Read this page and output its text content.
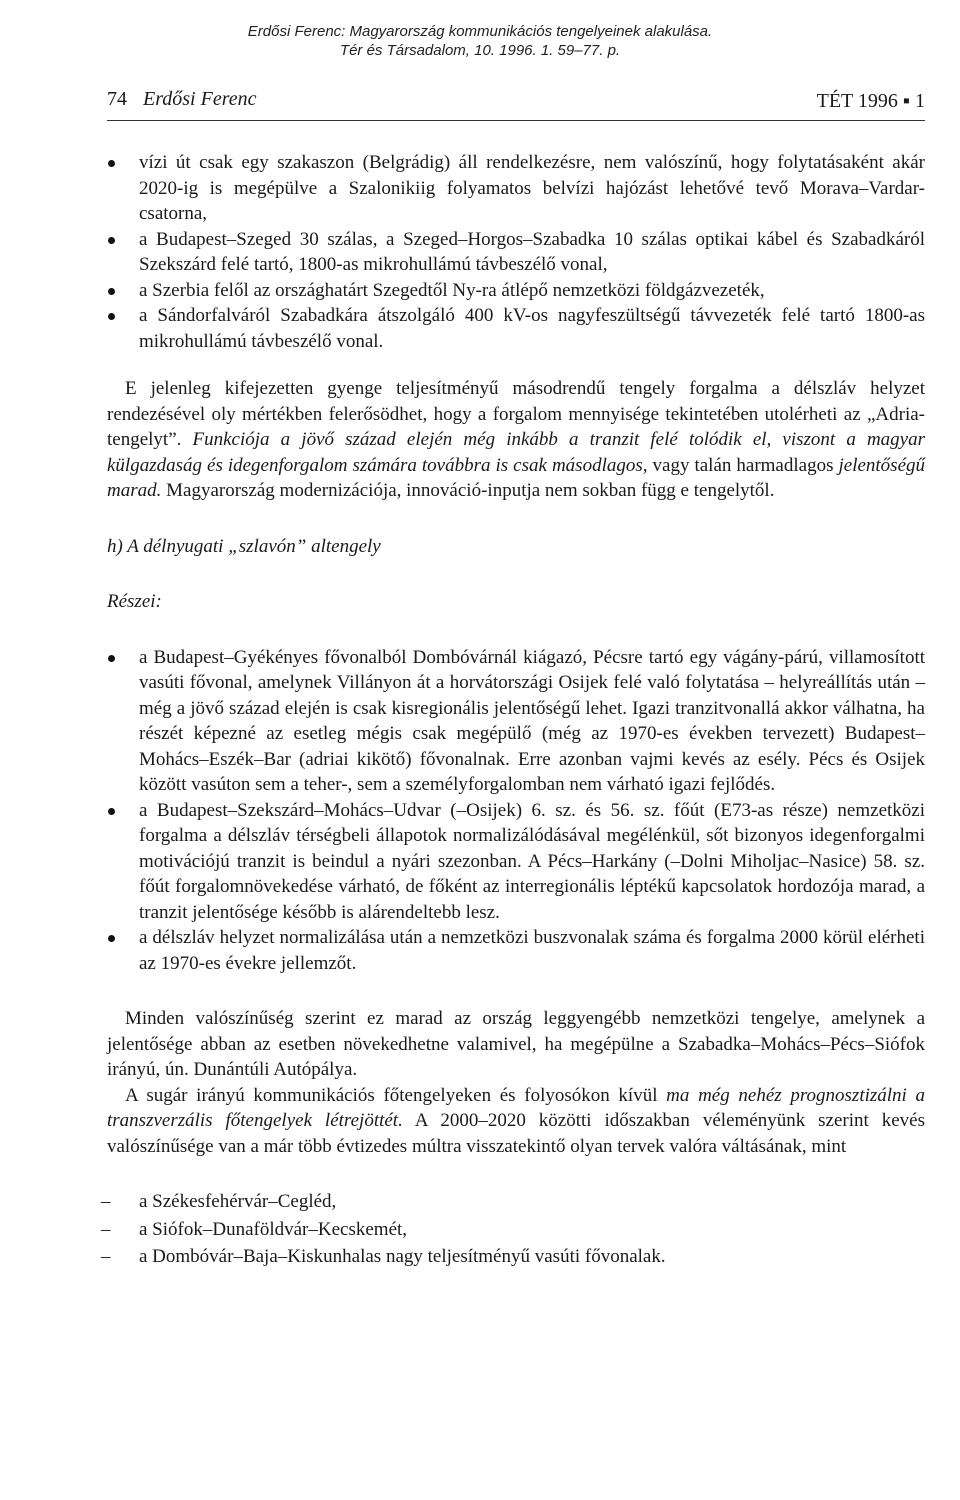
Erdősi Ferenc: Magyarország kommunikációs tengelyeinek alakulása.
Tér és Társadalom, 10. 1996. 1. 59–77. p.
74 Erdősi Ferenc	TÉT 1996 ▪ 1
vízi út csak egy szakaszon (Belgrádig) áll rendelkezésre, nem valószínű, hogy folytatásaként akár 2020-ig is megépülve a Szalonikiig folyamatos belvízi hajózást lehetővé tevő Morava–Vardar-csatorna,
a Budapest–Szeged 30 szálas, a Szeged–Horgos–Szabadka 10 szálas optikai kábel és Szabadkáról Szekszárd felé tartó, 1800-as mikrohullámú távbeszélő vonal,
a Szerbia felől az országhatárt Szegedtől Ny-ra átlépő nemzetközi földgázvezeték,
a Sándorfalváról Szabadkára átszolgáló 400 kV-os nagyfeszültségű távvezeték felé tartó 1800-as mikrohullámú távbeszélő vonal.

E jelenleg kifejezetten gyenge teljesítményű másodrendű tengely forgalma a délszláv helyzet rendezésével oly mértékben felerősödhet, hogy a forgalom mennyisége tekintetében utolérheti az „Adria-tengelyt”. Funkciója a jövő század elején még inkább a tranzit felé tolódik el, viszont a magyar külgazdaság és idegenforgalom számára továbbra is csak másodlagos, vagy talán harmadlagos jelentőségű marad. Magyarország modernizációja, innováció-inputja nem sokban függ e tengelytől.

h) A délnyugati „szlavón” altengely

Részei:

a Budapest–Gyékényes fővonalból Dombóvárnál kiágazó, Pécsre tartó egy vágány-párú, villamosított vasúti fővonal, amelynek Villányon át a horvátországi Osijek felé való folytatása – helyreállítás után – még a jövő század elején is csak kisregionális jelentőségű lehet. Igazi tranzitvonallá akkor válhatna, ha részét képezné az esetleg mégis csak megépülő (még az 1970-es években tervezett) Budapest–Mohács–Eszék–Bar (adriai kikötő) fővonalnak. Erre azonban vajmi kevés az esély. Pécs és Osijek között vasúton sem a teher-, sem a személyforgalomban nem várható igazi fejlődés.
a Budapest–Szekszárd–Mohács–Udvar (–Osijek) 6. sz. és 56. sz. főút (E73-as része) nemzetközi forgalma a délszláv térségbeli állapotok normalizálódásával megélénkül, sőt bizonyos idegenforgalmi motivációjú tranzit is beindul a nyári szezonban. A Pécs–Harkány (–Dolni Miholjac–Nasice) 58. sz. főút forgalomnövekedése várható, de főként az interregionális léptékű kapcsolatok hordozója marad, a tranzit jelentősége később is alárendeltebb lesz.
a délszláv helyzet normalizálása után a nemzetközi buszvonalak száma és forgalma 2000 körül elérheti az 1970-es évekre jellemzőt.

Minden valószínűség szerint ez marad az ország leggyengébb nemzetközi tengelye, amelynek a jelentősége abban az esetben növekedhetne valamivel, ha megépülne a Szabadka–Mohács–Pécs–Siófok irányú, ún. Dunántúli Autópálya.

A sugár irányú kommunikációs főtengelyeken és folyosókon kívül ma még nehéz prognosztizálni a transzverzális főtengelyek létrejöttét. A 2000–2020 közötti időszakban véleményünk szerint kevés valószínűsége van a már több évtizedes múltra visszatekintő olyan tervek valóra váltásának, mint

– a Székesfehérvár–Cegléd,
– a Siófok–Dunaföldvár–Kecskemét,
– a Dombóvár–Baja–Kiskunhalas nagy teljesítményű vasúti fővonalak.
